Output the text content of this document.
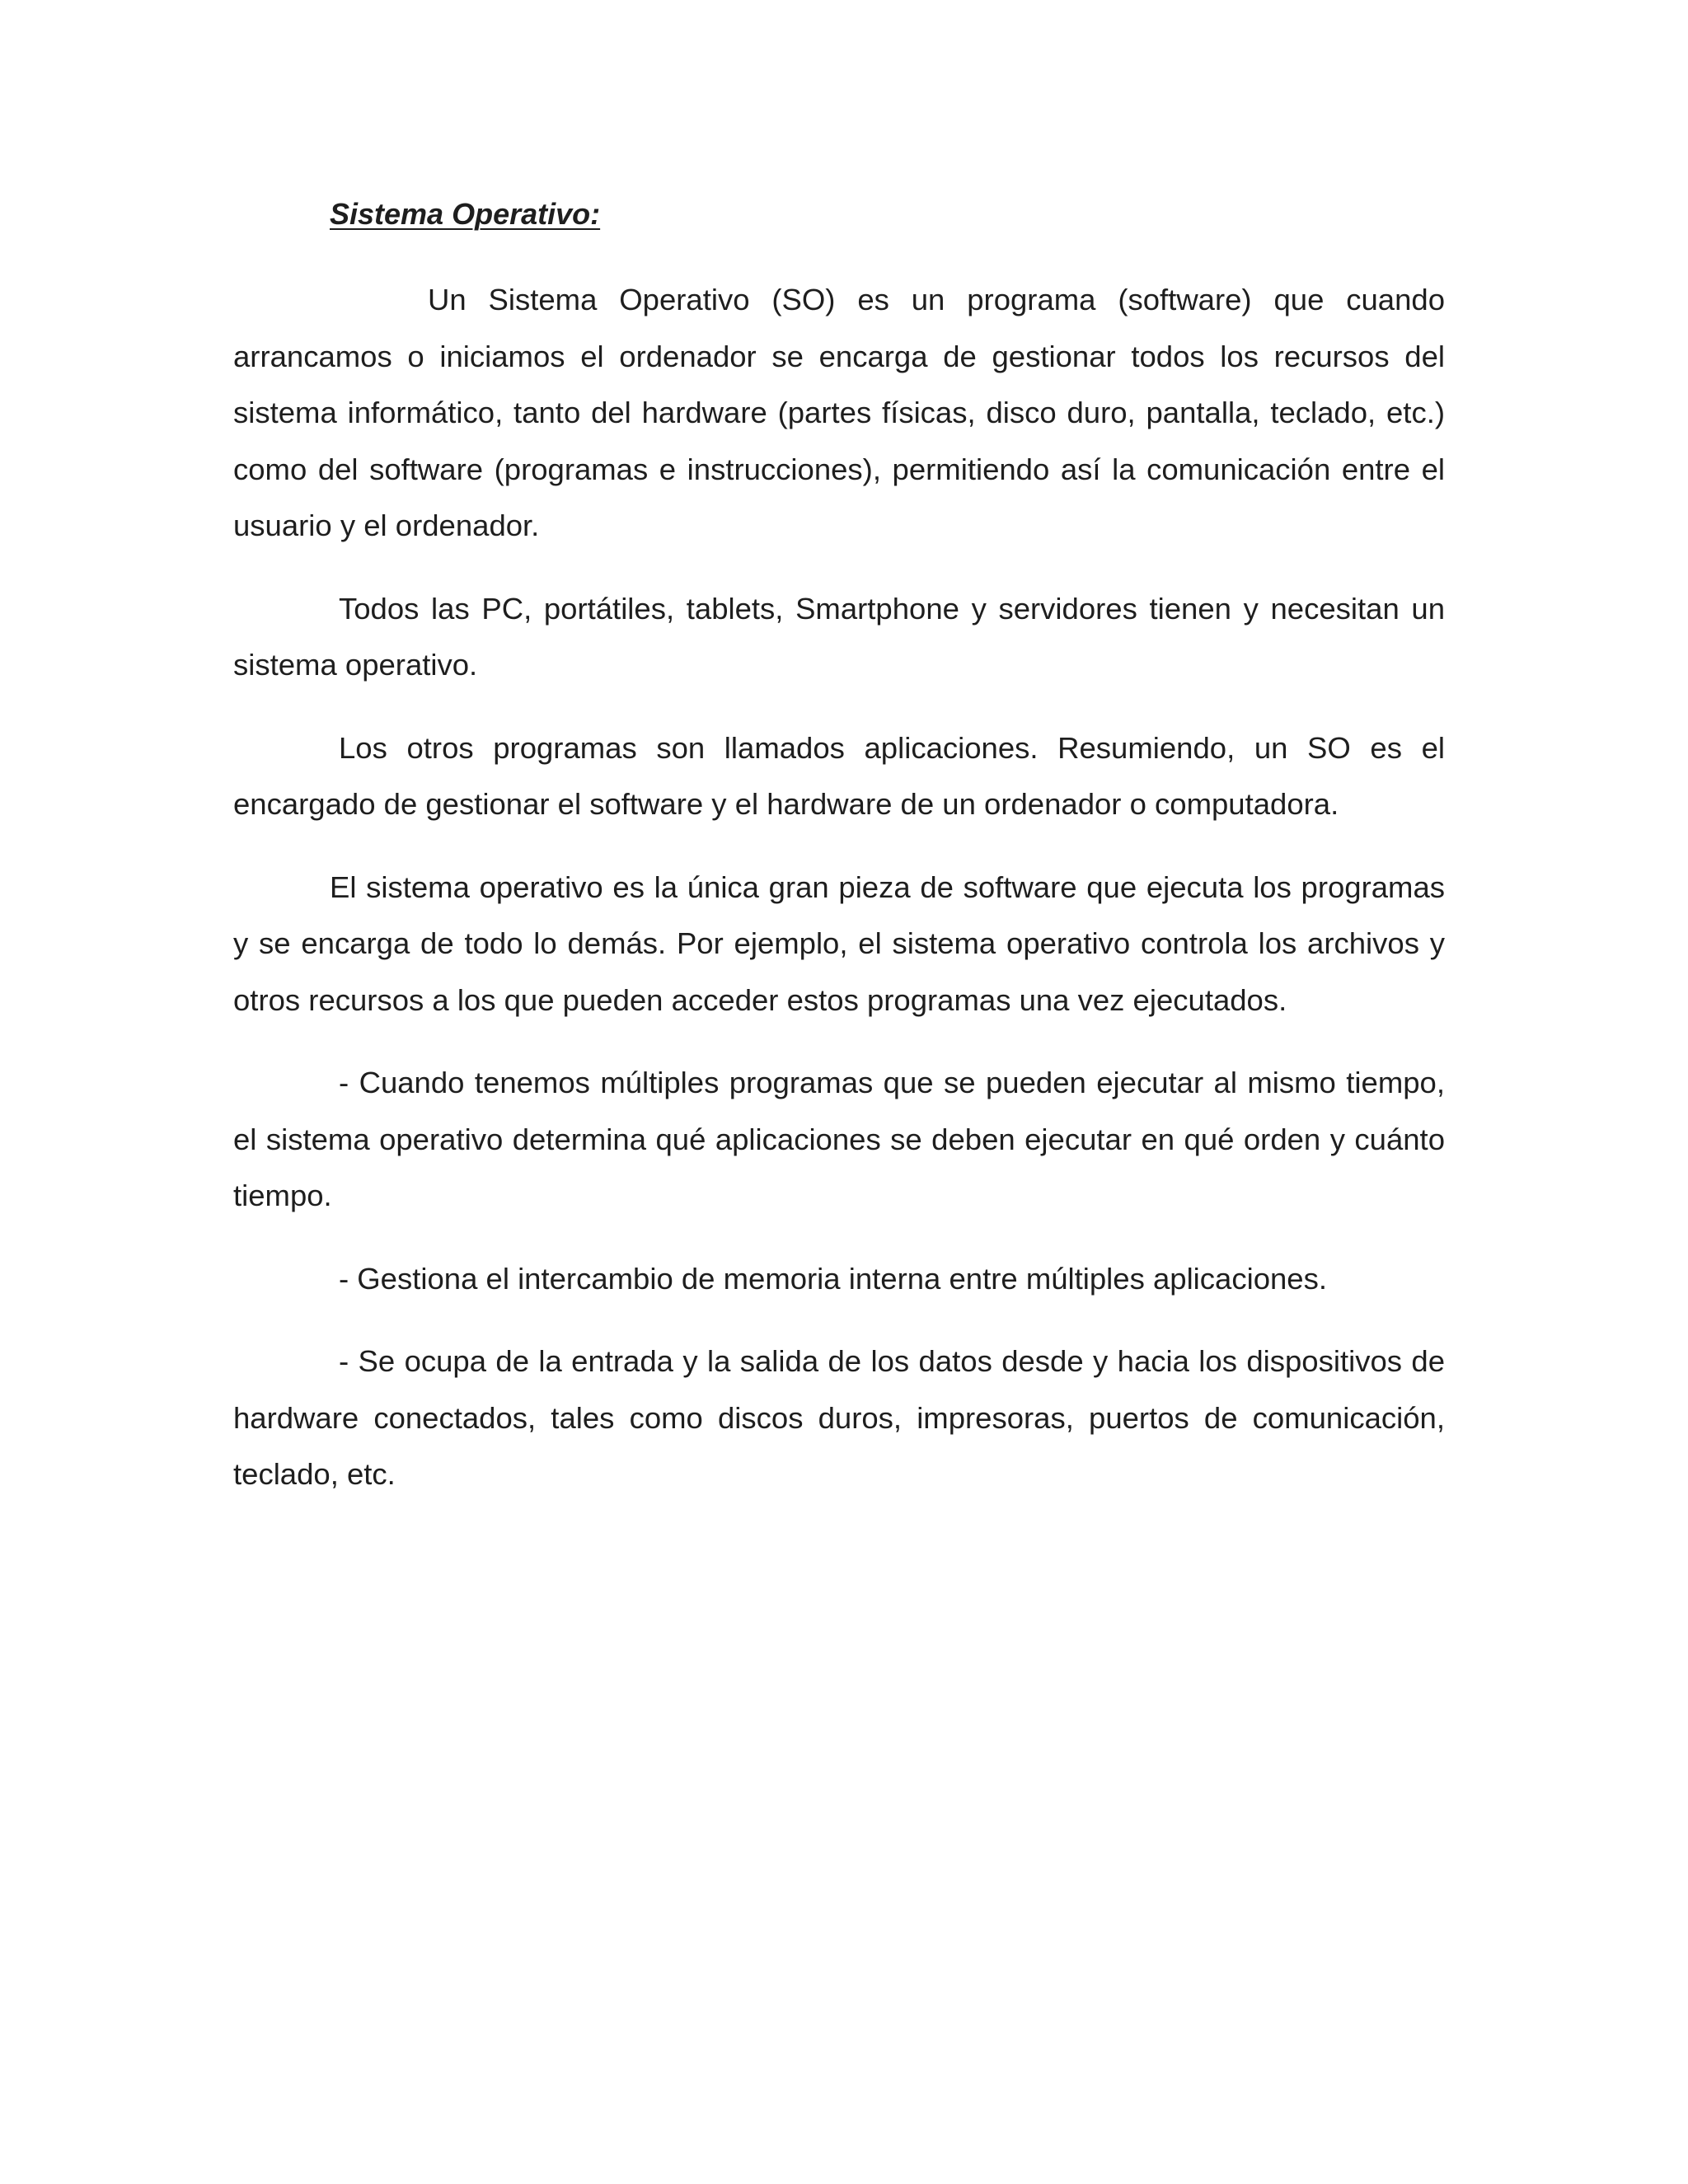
Sistema Operativo:

Un Sistema Operativo (SO) es un programa (software) que cuando arrancamos o iniciamos el ordenador se encarga de gestionar todos los recursos del sistema informático, tanto del hardware (partes físicas, disco duro, pantalla, teclado, etc.) como del software (programas e instrucciones), permitiendo así la comunicación entre el usuario y el ordenador.

Todos las PC, portátiles, tablets, Smartphone y servidores tienen y necesitan un sistema operativo.

Los otros programas son llamados aplicaciones. Resumiendo, un SO es el encargado de gestionar el software y el hardware de un ordenador o computadora.

El sistema operativo es la única gran pieza de software que ejecuta los programas y se encarga de todo lo demás. Por ejemplo, el sistema operativo controla los archivos y otros recursos a los que pueden acceder estos programas una vez ejecutados.

- Cuando tenemos múltiples programas que se pueden ejecutar al mismo tiempo, el sistema operativo determina qué aplicaciones se deben ejecutar en qué orden y cuánto tiempo.

- Gestiona el intercambio de memoria interna entre múltiples aplicaciones.

- Se ocupa de la entrada y la salida de los datos desde y hacia los dispositivos de hardware conectados, tales como discos duros, impresoras, puertos de comunicación, teclado, etc.
